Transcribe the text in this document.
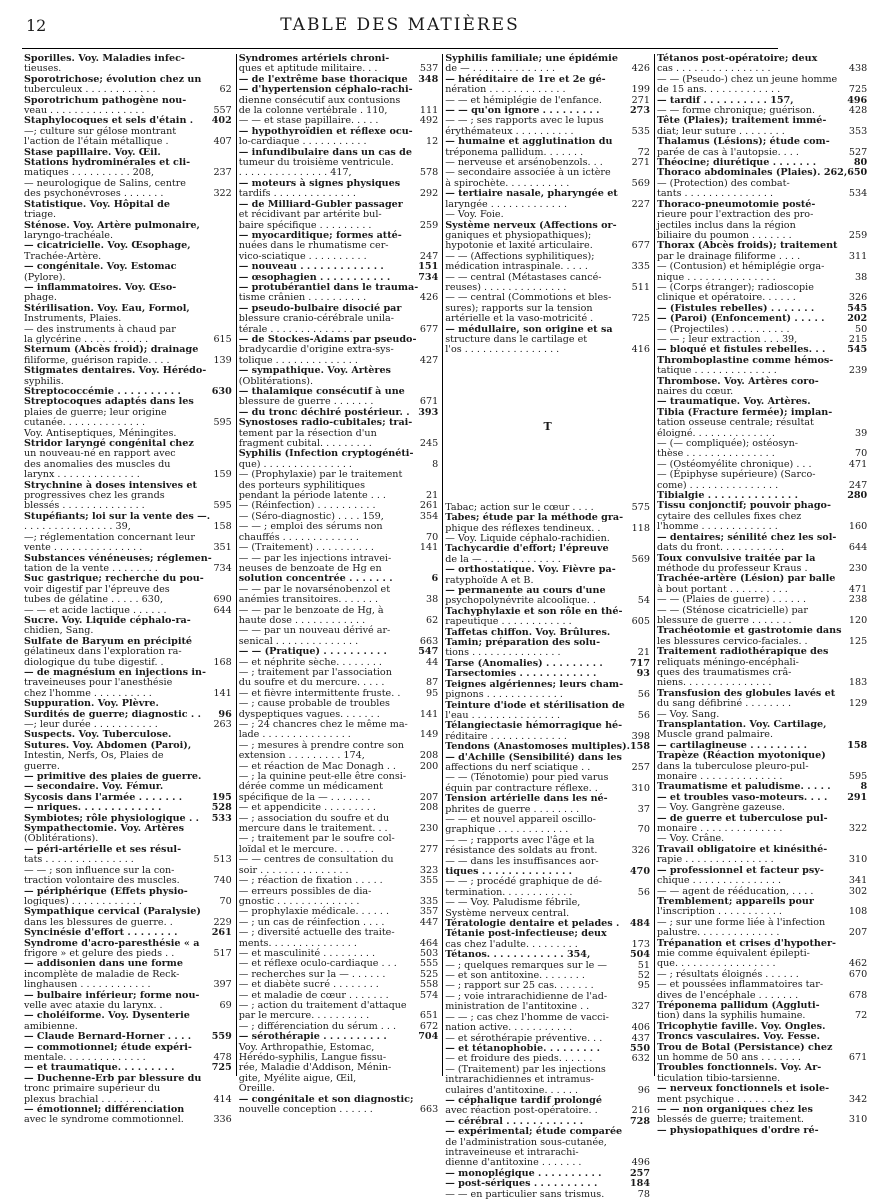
12	TABLE DES MATIÈRES
Sporilles. Voy. Maladies infec-
tieuses.
Sporotrichose; évolution chez un
tuberculeux . . . . . . . . . . . .	62
Sporotrichum pathogène nou-
veau . . . . . . . . . . . . . . . .	557
Staphylocoques et sels d'étain .	402
—; culture sur gélose montrant
l'action de l'étain métallique .	407
Stase papillaire. Voy. Œil.
Stations hydrominérales et cli-
matiques . . . . . . . . . . 208,	237
— neurologique de Salins, centre
des psychonévroses . . . . . . .	322
Statistique. Voy. Hôpital de
triage.
Sténose. Voy. Artère pulmonaire,
laryngo-trachéale.
— cicatricielle. Voy. Œsophage,
Trachée-Artère.
— congénitale. Voy. Estomac
(Pylore).
— inflammatoires. Voy. Œso-
phage.
Stérilisation. Voy. Eau, Formol,
Instruments, Plaies.
— des instruments à chaud par
la glycérine . . . . . . . . . . .	615
Sternum (Abcès froid); drainage
filiforme, guérison rapide. . . .	139
Stigmates dentaires. Voy. Hérédo-
syphilis.
Streptococcémie . . . . . . . . . .	630
Streptocoques adaptés dans les
plaies de guerre; leur origine
cutanée. . . . . . . . . . . . . .	595
Voy. Antiseptiques, Méningites.
Stridor laryngé congénital chez
un nouveau-né en rapport avec
des anomalies des muscles du
larynx . . . . . . . . . . . . . .	159
Strychnine à doses intensives et
progressives chez les grands
blessés . . . . . . . . . . . . . .	595
Stupéfiants; loi sur la vente des —.
. . . . . . . . . . . . . . . 39,	158
—; réglementation concernant leur
vente . . . . . . . . . . . . . . .	351
Substances vénéneuses; réglemen-
tation de la vente . . . . . . . .	734
Suc gastrique; recherche du pou-
voir digestif par l'épreuve des
tubes de gélatine . . . . . 630,	690
— — et acide lactique . . . . . .	644
Sucre. Voy. Liquide céphalo-ra-
chidien, Sang.
Sulfate de Baryum en précipité
gélatineux dans l'exploration ra-
diologique du tube digestif. .	168
— de magnésium en injections in-
traveineuses pour l'anesthésie
chez l'homme . . . . . . . . . .	141
Suppuration. Voy. Plèvre.
Surdités de guerre; diagnostic . .	96
—; leur durée . . . . . . . . . . .	263
Suspects. Voy. Tuberculose.
Sutures. Voy. Abdomen (Paroi),
Intestin, Nerfs, Os, Plaies de
guerre.
— primitive des plaies de guerre.
— secondaire. Voy. Fémur.
Sycosis dans l'armée . . . . . . .	195
— nriques. . . . . . . . . . . . .	528
Symbiotes; rôle physiologique . .	533
Sympathectomie. Voy. Artères
(Oblitérations).
— péri-artérielle et ses résul-
tats . . . . . . . . . . . . . . .	513
— — ; son influence sur la con-
traction volontaire des muscles.	740
— périphérique (Effets physio-
logiques) . . . . . . . . . . . .	70
Sympathique cervical (Paralysie)
dans les blessures de guerre. .	229
Syncinésie d'effort . . . . . . . .	261
Syndrome d'acro-paresthésie « a
frigore » et gelure des pieds . .	517
— addisonien dans une forme
incomplète de maladie de Reck-
linghausen . . . . . . . . . . . .	397
— bulbaire inférieur; forme nou-
velle avec ataxie du larynx. .	69
— choléiforme. Voy. Dysenterie
amibienne.
— Claude Bernard-Horner . . . .	559
— commotionnel; étude expéri-
mentale. . . . . . . . . . . . . .	478
— et traumatique. . . . . . . . .	725
— Duchenne-Erb par blessure du
tronc primaire supérieur du
plexus brachial . . . . . . . . .	414
— émotionnel; différenciation
avec le syndrome commotionnel.	336
Syndromes artériels chroni-
ques et aptitude militaire. . .	537
— de l'extrême base thoracique	348
— d'hypertension céphalo-rachi-
dienne consécutif aux contusions
de la colonne vertébrale . 110,	111
— — et stase papillaire. . . . .	492
— hypothyroïdien et réflexe ocu-
lo-cardiaque . . . . . . . . . . .	12
— infundibulaire dans un cas de
tumeur du troisième ventricule.
. . . . . . . . . . . . . . . 417,	578
— moteurs à signes physiques
tardifs . . . . . . . . . . . . . .	292
— de Milliard-Gubler passager
et récidivant par artérite bul-
baire spécifique . . . . . . . . .	259
— myocarditique; formes atté-
nuées dans le rhumatisme cer-
vico-sciatique . . . . . . . . . .	247
— nouveau . . . . . . . . . . . . .	151
— œsophagien . . . . . . . . . . .	734
— protubérantiel dans le trauma-
tisme crânien . . . . . . . . . .	426
— pseudo-bulbaire disocié par
blessure cranio-cérébrale unila-
térale . . . . . . . . . . . . . .	677
— de Stockes-Adams par pseudo-
bradycardie d'origine extra-sys-
tolique . . . . . . . . . . . . . .	427
— sympathique. Voy. Artères
(Oblitérations).
— thalamique consécutif à une
blessure de guerre . . . . . . .	671
— du tronc déchiré postérieur. . 393
Synostoses radio-cubitales; trai-
tement par la résection d'un
fragment cubital. . . . . . . . .	245
Syphilis (Infection cryptogénéti-
que) . . . . . . . . . . . . . . .	8
— (Prophylaxie) par le traitement
des porteurs syphilitiques
pendant la période latente . . .	21
— (Réinfection) . . . . . . . . . .	261
— (Séro-diagnostic) . . . . 159,	354
— — ; emploi des sérums non
chauffés . . . . . . . . . . . . .	70
— (Traitement) . . . . . . . . . .	141
— — par les injections intravei-
neuses de benzoate de Hg en
solution concentrée . . . . . . .	6
— — par le novarsénobenzol et
anémies transitoires. . . . . . .	38
— — par le benzoate de Hg, à
haute dose . . . . . . . . . . . .	62
— — par un nouveau dérivé ar-
senical . . . . . . . . . . . . . .	663
— — (Pratique) . . . . . . . . . .	547
— et néphrite sèche. . . . . . . .	44
— ; traitement par l'association
du soufre et du mercure. . . . .	87
— et fièvre intermittente fruste. .	95
— ; cause probable de troubles
dyspeptiques vagues. . . . . . .	141
— ; 24 chancres chez le même ma-
lade . . . . . . . . . . . . . . .	149
— ; mesures à prendre contre son
extension . . . . . . . . . 174,	208
— et réaction de Mac Donagh . .	200
— ; la quinine peut-elle être consi-
dérée comme un médicament
spécifique de la — . . . . . . .	207
— et appendicite . . . . . . . . .	208
— ; association du soufre et du
mercure dans le traitement. . .	230
— ; traitement par le soufre col-
loïdal et le mercure. . . . . . .	277
— — centres de consultation du
soir . . . . . . . . . . . . . . .	323
— ; réaction de fixation . . . . .	355
— erreurs possibles de dia-
gnostic . . . . . . . . . . . . . .	335
— prophylaxie médicale. . . . . .	357
— ; un cas de réinfection . . . .	447
— ; diversité actuelle des traite-
ments. . . . . . . . . . . . . . .	464
— et masculinité . . . . . . . . .	503
— et réflexe oculo-cardiaque . . .	555
— recherches sur la — . . . . . .	525
— et diabète sucré . . . . . . . .	558
— et maladie de cœur . . . . . . .	574
— ; action du traitement d'attaque
par le mercure. . . . . . . . . .	651
— ; différenciation du sérum . . .	672
— sérothérapie . . . . . . . . . .	704
Voy. Arthropathie, Estomac,
Hérédo-syphilis, Langue fissu-
rée, Maladie d'Addison, Ménin-
gite, Myélite aigue, Œil,
Oreille.
— congénitale et son diagnostic;
nouvelle conception . . . . . .	663
Syphilis familiale; une épidémie
de — . . . . . . . . . . . . . .	426
— héréditaire de 1re et 2e gé-
nération . . . . . . . . . . . . .	199
— — et hémiplégie de l'enfance.	271
— — qu'on ignore . . . . . . . . .	273
— — ; ses rapports avec le lupus
érythémateux . . . . . . . . . .	535
— humaine et agglutination du
tréponema pallidum. . . . . . .	72
— nerveuse et arsénobenzols. . .	271
— secondaire associée à un ictère
à spirochète. . . . . . . . . . .	569
— tertiaire nasale, pharyngée et
laryngée . . . . . . . . . . . . .	227
— Voy. Foie.
Système nerveux (Affections or-
ganiques et physiopathiques);
hypotonie et laxité articulaire.	677
— — (Affections syphilitiques);
médication intraspinale. . . . .	335
— — central (Métastases cancé-
reuses) . . . . . . . . . . . . . .	511
— — central (Commotions et bles-
sures); rapports sur la tension
artérielle et la vaso-motricité .	725
— médullaire, son origine et sa
structure dans le cartilage et
l'os . . . . . . . . . . . . . . . .	416
T
Tabac; action sur le cœur . . . .	575
Tabes; étude par la méthode gra-
phique des réflexes tendineux. .	118
— Voy. Liquide céphalo-rachidien.
Tachycardie d'effort; l'épreuve
de la — . . . . . . . . . . . . .	569
— orthostatique. Voy. Fièvre pa-
ratyphoïde A et B.
— permanente au cours d'une
psychopolynévrite alcoolique. .	54
Tachyphylaxie et son rôle en thé-
rapeutique . . . . . . . . . . . .	605
Taffetas chiffon. Voy. Brûlures.
Tamin; préparation des solu-
tions . . . . . . . . . . . . . . .	21
Tarse (Anomalies) . . . . . . . . .	717
Tarsectomies . . . . . . . . . . . .	93
Teignes algériennes; leurs cham-
pignons . . . . . . . . . . . . .	56
Teinture d'iode et stérilisation de
l'eau . . . . . . . . . . . . . . .	56
Télangiectasie hémorragique hé-
réditaire . . . . . . . . . . . . .	398
Tendons (Anastomoses multiples). 158
— d'Achille (Sensibilité) dans les
affections du nerf sciatique . .	257
— — (Ténotomie) pour pied varus
équin par contracture réflexe. .	310
Tension artérielle dans les né-
phrites de guerre . . . . . . . .	37
— — et nouvel appareil oscillo-
graphique . . . . . . . . . . . .	70
— — ; rapports avec l'âge et la
résistance des soldats au front.	326
— — dans les insuffisances aor-
tiques . . . . . . . . . . . . . .	470
— — ; procédé graphique de dé-
termination. . . . . . . . . . . .	56
— — Voy. Paludisme fébrile,
Système nerveux central.
Tératologie dentaire et pelades .	484
Tétanie post-infectieuse; deux
cas chez l'adulte. . . . . . . . .	173
Tétanos. . . . . . . . . . . . 354,	504
— ; quelques remarques sur le —	51
— et son antitoxine. . . . . . . .	52
— ; rapport sur 25 cas. . . . . . .	95
— ; voie intrarachidienne de l'ad-
ministration de l'antitoxine . .	327
— — ; cas chez l'homme de vacci-
nation active. . . . . . . . . . .	406
— et sérothérapie préventive. . .	437
— et tétanophobie. . . . . . . . .	550
— et froidure des pieds. . . . . .	632
— (Traitement) par les injections
intrarachidiennes et intramus-
culaires d'antitoxine. . . . . .	96
— céphalique tardif prolongé
avec réaction post-opératoire. .	216
— cérébral . . . . . . . . . . . .	728
— expérimental; étude comparée
de l'administration sous-cutanée,
intraveineuse et intrarachi-
dienne d'antitoxine . . . . . . .	496
— monoplégique . . . . . . . . . .	257
— post-sériques . . . . . . . . . .	184
— — en particulier sans trismus.	78
Tétanos post-opératoire; deux
cas . . . . . . . . . . . . . . . .	438
— — (Pseudo-) chez un jeune homme
de 15 ans. . . . . . . . . . . . .	725
— tardif . . . . . . . . . . 157,	496
— — forme chronique; guérison.	428
Tête (Plaies); traitement immé-
diat; leur suture . . . . . . . .	353
Thalamus (Lésions); étude com-
parée de cas à l'autopsie. . . .	527
Théocine; diurétique . . . . . . .	80
Thoraco abdominales (Plaies). 262, 650
— (Protection) des combat-
tants . . . . . . . . . . . . . . .	534
Thoraco-pneumotomie posté-
rieure pour l'extraction des pro-
jectiles inclus dans la région
biliaire du poumon . . . . . . .	259
Thorax (Abcès froids); traitement
par le drainage filiforme . . . .	311
— (Contusion) et hémiplégie orga-
nique . . . . . . . . . . . . . . .	38
— (Corps étranger); radioscopie
clinique et opératoire. . . . . .	326
— (Fistules rebelles) . . . . . . .	545
— (Paroi) (Enfoncement) . . . . .	202
— (Projectiles) . . . . . . . . . .	50
— — ; leur extraction . . . 39,	215
— bloqué et fistules rebelles. . .	545
Thromboplastine comme hémos-
tatique . . . . . . . . . . . . . .	239
Thrombose. Voy. Artères coro-
naires du cœur.
— traumatique. Voy. Artères.
Tibia (Fracture fermée); implan-
tation osseuse centrale; résultat
éloigné. . . . . . . . . . . . . .	39
— (— compliquée); ostéosyn-
thèse . . . . . . . . . . . . . . .	70
— (Ostéomyélite chronique) . . .	471
— (Épiphyse supérieure) (Sarco-
come) . . . . . . . . . . . . . . .	247
Tibialgie . . . . . . . . . . . . . .	280
Tissu conjonctif; pouvoir phago-
cytaire des cellules fixes chez
l'homme . . . . . . . . . . . . .	160
— dentaires; sénilité chez les sol-
dats du front. . . . . . . . . . .	644
Toux convulsive traitée par la
méthode du professeur Kraus .	230
Trachée-artère (Lésion) par balle
à bout portant . . . . . . . . . .	471
— — (Plaies de guerre) . . . . . .	238
— — (Sténose cicatricielle) par
blessure de guerre . . . . . . .	120
Trachéotomie et gastrotomie dans
les blessures cervico-faciales. .	125
Traitement radiothérapique des
reliquats méningo-encéphali-
ques des traumatismes crâ-
niens. . . . . . . . . . . . . . .	183
Transfusion des globules lavés et
du sang défibriné . . . . . . . .	129
— Voy. Sang.
Transplantation. Voy. Cartilage,
Muscle grand palmaire.
— cartilagineuse . . . . . . . . .	158
Trapèze (Réaction myotonique)
dans la tuberculose pleuro-pul-
monaire . . . . . . . . . . . . . .	595
Traumatisme et paludisme. . . . .	8
— et troubles vaso-moteurs. . . .	291
— Voy. Gangrène gazeuse.
— de guerre et tuberculose pul-
monaire . . . . . . . . . . . . . .	322
— Voy. Crâne.
Travail obligatoire et kinésithé-
rapie . . . . . . . . . . . . . . .	310
— professionnel et facteur psy-
chique . . . . . . . . . . . . . . .	341
— — agent de rééducation, . . . .	302
Tremblement; appareils pour
l'inscription . . . . . . . . . . .	108
— ; sur une forme liée à l'infection
palustre. . . . . . . . . . . . . .	207
Trépanation et crises d'hypother-
mie comme équivalent épilepti-
que. . . . . . . . . . . . . . . . .	462
— ; résultats éloignés . . . . . .	670
— et poussées inflammatoires tar-
dives de l'encéphale . . . . . . .	678
Tréponema pallidum (Aggluti-
tion) dans la syphilis humaine.	72
Tricophytie faville. Voy. Ongles.
Troncs vasculaires. Voy. Fesse.
Trou de Botal (Persistance) chez
un homme de 50 ans . . . . . . .	671
Troubles fonctionnels. Voy. Ar-
ticulation tibio-tarsienne.
— nerveux fonctionnels et isole-
ment psychique . . . . . . . . .	342
— — non organiques chez les
blessés de guerre; traitement.	310
— physiopathiques d'ordre ré-
